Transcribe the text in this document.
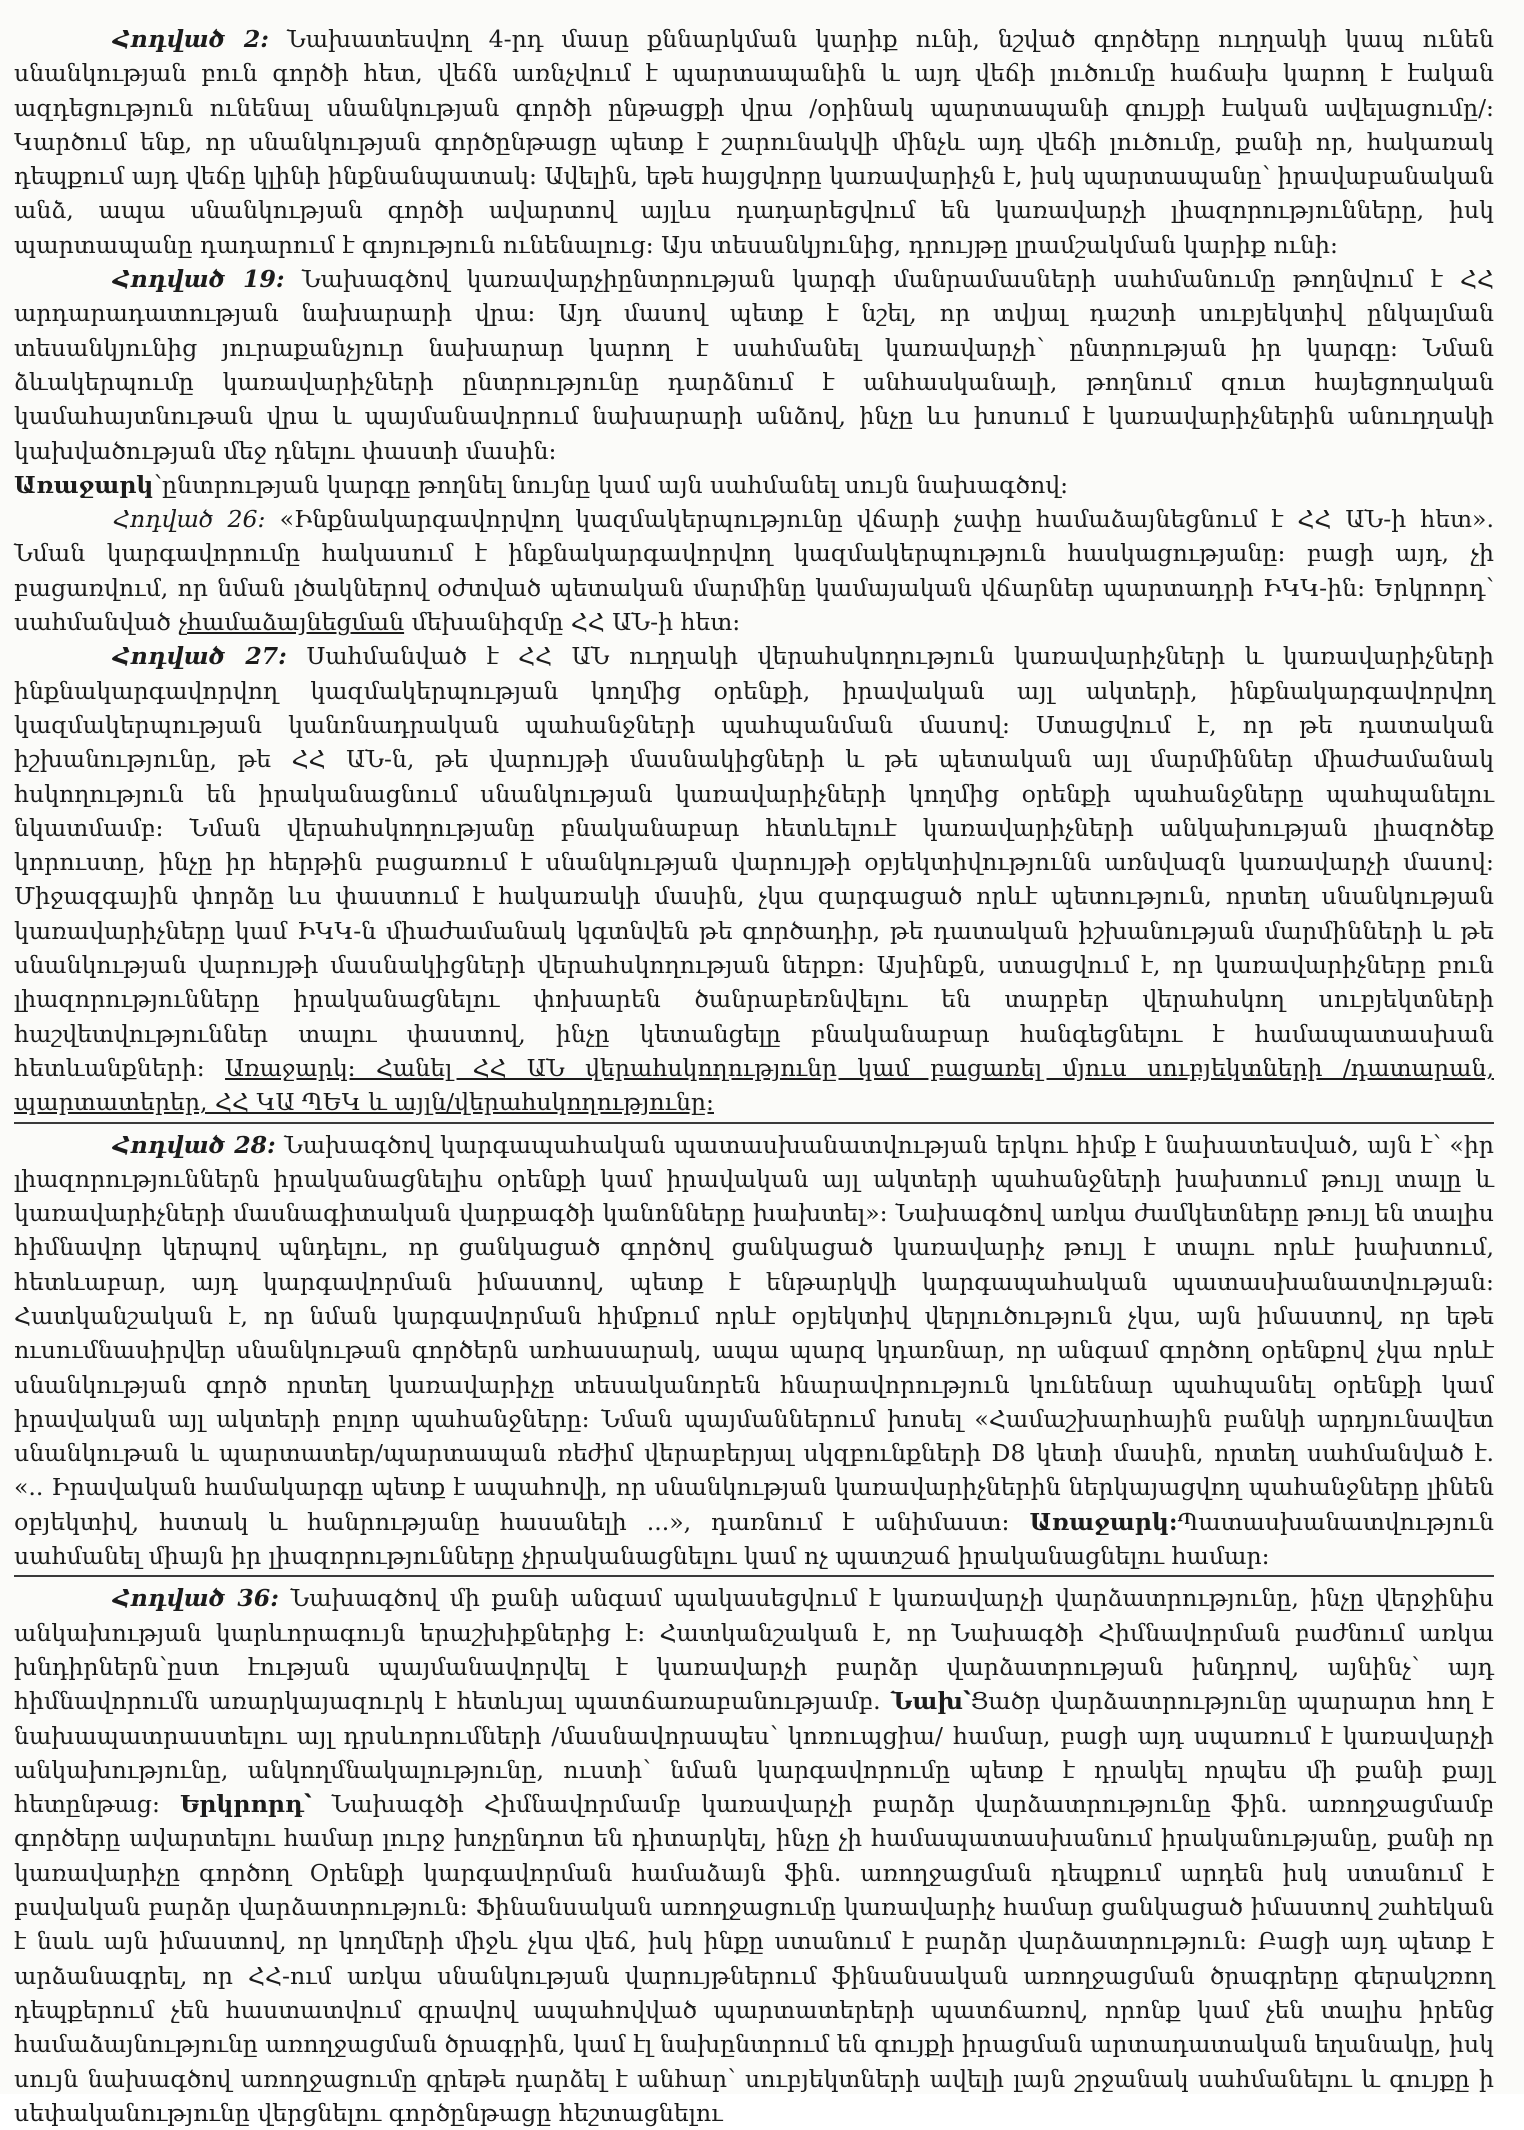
Հոդված 2: Նախատեսվող 4-րդ մասը քննարկման կարիք ունի, նշված գործերը ուղղակի կապ ունեն սնանկության բուն գործի հետ, վեճն առնչվում է պարտապանին և այդ վեճի լուծումը հաճախ կարող է էական ազդեցություն ունենալ սնանկության գործի ընթացքի վրա /օրինակ պարտապանի գույքի էական ավելացումը/: Կարծում ենք, որ սնանկության գործընթացը պետք է շարունակվի մինչև այդ վեճի լուծումը, քանի որ, հակառակ դեպքում այդ վեճը կլինի ինքնանպատակ: Ավելին, եթե հայցվորը կառավարիչն է, իսկ պարտապանը՝ իրավաբանական անձ, ապա սնանկության գործի ավարտով այլևս դադարեցվում են կառավարչի լիազորությունները, իսկ պարտապանը դադարում է գոյություն ունենալուց: Այս տեսանկյունից, դրույթը լրամշակման կարիք ունի:

Հոդված 19: Նախագծով կառավարչիընտրության կարգի մանրամասների սահմանումը թողնվում է ՀՀ արդարադատության նախարարի վրա: Այդ մասով պետք է նշել, որ տվյալ դաշտի սուբյեկտիվ ընկալման տեսանկյունից յուրաքանչյուր նախարար կարող է սահմանել կառավարչի՝ ընտրության իր կարգը: Նման ձևակերպումը կառավարիչների ընտրությունը դարձնում է անհասկանալի, թողնում զուտ հայեցողական կամահայտնութան վրա և պայմանավորում նախարարի անձով, ինչը ևս խոսում է կառավարիչներին անուղղակի կախվածության մեջ դնելու փաստի մասին:
Առաջարկ՝ընտրության կարգը թողնել նույնը կամ այն սահմանել սույն նախագծով:

Հոդված 26: «Ինքնակարգավորվող կազմակերպությունը վճարի չափը համաձայնեցնում է ՀՀ ԱՆ-ի հետ». Նման կարգավորումը հակասում է ինքնակարգավորվող կազմակերպություն հասկացությանը: բացի այդ, չի բացառվում, որ նման լծակներով օժտված պետական մարմինը կամայական վճարներ պարտադրի ԻԿԿ-ին: Երկրորդ՝ սահմանված չհամաձայնեցման մեխանիզմը ՀՀ ԱՆ-ի հետ:

Հոդված 27: Սահմանված է ՀՀ ԱՆ ուղղակի վերահսկողություն կառավարիչների և կառավարիչների ինքնակարգավորվող կազմակերպության կողմից օրենքի, իրավական այլ ակտերի, ինքնակարգավորվող կազմակերպության կանոնադրական պահանջների պահպանման մասով: Ստացվում է, որ թե դատական իշխանությունը, թե ՀՀ ԱՆ-ն, թե վարույթի մասնակիցների և թե պետական այլ մարմիններ միաժամանակ հսկողություն են իրականացնում սնանկության կառավարիչների կողմից օրենքի պահանջները պահպանելու նկատմամբ: Նման վերահսկողությանը բնականաբար հետևելուէ կառավարիչների անկախության լիազոծեք կորուստը, ինչը իր հերթին բացառում է սնանկության վարույթի օբյեկտիվությունն առնվազն կառավարչի մասով: Միջազգային փորձը ևս փաստում է հակառակի մասին, չկա զարգացած որևէ պետություն, որտեղ սնանկության կառավարիչները կամ ԻԿԿ-ն միաժամանակ կգտնվեն թե գործադիր, թե դատական իշխանության մարմինների և թե սնանկության վարույթի մասնակիցների վերահսկողության ներքո: Այսինքն, ստացվում է, որ կառավարիչները բուն լիազորությունները իրականացնելու փոխարեն ծանրաբեռնվելու են տարբեր վերահսկող սուբյեկտների հաշվետվություններ տալու փաստով, ինչը կետանցելը բնականաբար հանգեցնելու է համապատասխան հետևանքների: Առաջարկ: Հանել ՀՀ ԱՆ վերահսկողությունը կամ բացառել մյուս սուբյեկտների /դատարան, պարտատերեր, ՀՀ ԿԱ ՊԵԿ և այլն/վերահսկողությունը:

Հոդված 28: Նախագծով կարգապահական պատասխանատվության երկու հիմք է նախատեսված, այն է՝ «իր լիազորություններն իրականացնելիս օրենքի կամ իրավական այլ ակտերի պահանջների խախտում թույլ տալը և կառավարիչների մասնագիտական վարքագծի կանոնները խախտել»: Նախագծով առկա ժամկետները թույլ են տալիս հիմնավոր կերպով պնդելու, որ ցանկացած գործով ցանկացած կառավարիչ թույլ է տալու որևէ խախտում, հետևաբար, այդ կարգավորման իմաստով, պետք է ենթարկվի կարգապահական պատասխանատվության: Հատկանշական է, որ նման կարգավորման հիմքում որևէ օբյեկտիվ վերլուծություն չկա, այն իմաստով, որ եթե ուսումնասիրվեր սնանկութան գործերն առհասարակ, ապա պարզ կդառնար, որ անգամ գործող օրենքով չկա որևէ սնանկության գործ որտեղ կառավարիչը տեսականորեն հնարավորություն կունենար պահպանել օրենքի կամ իրավական այլ ակտերի բոլոր պահանջները: Նման պայմաններում խոսել «Համաշխարհային բանկի արդյունավետ սնանկութան և պարտատեր/պարտապան ռեժիմ վերաբերյալ սկզբունքների D8 կետի մասին, որտեղ սահմանված է. «.. Իրավական համակարգը պետք է ապահովի, որ սնանկության կառավարիչներին ներկայացվող պահանջները լինեն օբյեկտիվ, հստակ և հանրությանը հասանելի ...», դառնում է անիմաստ: Առաջարկ:Պատասխանատվություն սահմանել միայն իր լիազորությունները չիրականացնելու կամ ոչ պատշաճ իրականացնելու համար:

Հոդված 36: Նախագծով մի քանի անգամ պակասեցվում է կառավարչի վարձատրությունը, ինչը վերջինիս անկախության կարևորագույն երաշխիքներից է: Հատկանշական է, որ Նախագծի Հիմնավորման բաժնում առկա խնդիրներն՝ըստ էության պայմանավորվել է կառավարչի բարձր վարձատրության խնդրով, այնինչ՝ այդ հիմնավորումն առարկայազուրկ է հետևյալ պատճառաբանությամբ. Նախ՝Ցածր վարձատրությունը պարարտ հող է նախապատրաստելու այլ դրսևորումների /մասնավորապես՝ կոռուպցիա/ համար, բացի այդ սպառում է կառավարչի անկախությունը, անկողմնակալությունը, ուստի՝ նման կարգավորումը պետք է դրակել որպես մի քանի քայլ հետընթաց: Երկրորդ՝ Նախագծի Հիմնավորմամբ կառավարչի բարձր վարձատրությունը ֆին. առողջացմամբ գործերը ավարտելու համար լուրջ խոչընդոտ են դիտարկել, ինչը չի համապատասխանում իրականությանը, քանի որ կառավարիչը գործող Օրենքի կարգավորման համաձայն ֆին. առողջացման դեպքում արդեն իսկ ստանում է բավական բարձր վարձատրություն: Ֆինանսական առողջացումը կառավարիչ համար ցանկացած իմաստով շահեկան է նաև այն իմաստով, որ կողմերի միջև չկա վեճ, իսկ ինքը ստանում է բարձր վարձատրություն: Բացի այդ պետք է արձանագրել, որ ՀՀ-ում առկա սնանկության վարույթներում ֆինանսական առողջացման ծրագրերը գերակշռող դեպքերում չեն հաստատվում գրավով ապահովված պարտատերերի պատճառով, որոնք կամ չեն տալիս իրենց համաձայնությունը առողջացման ծրագրին, կամ էլ նախընտրում են գույքի իրացման արտադատական եղանակը, իսկ սույն նախագծով առողջացումը գրեթե դարձել է անհար՝ սուբյեկտների ավելի լայն շրջանակ սահմանելու և գույքը ի սեփականությունը վերցնելու գործընթացը հեշտացնելու
